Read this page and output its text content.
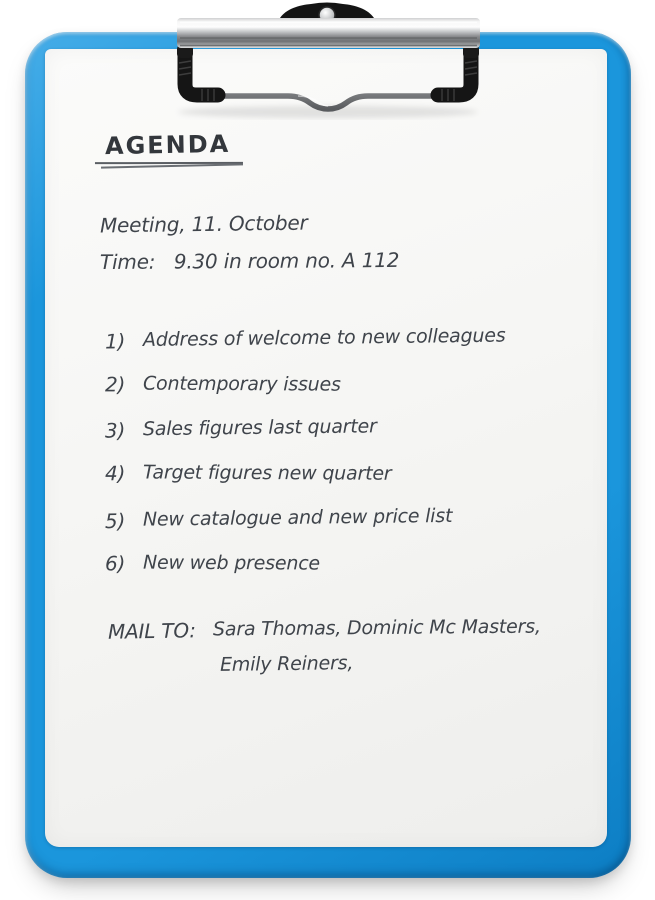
AGENDA
Meeting, 11. October
Time:   9.30 in room no. A 112
1) Address of welcome to new colleagues
2) Contemporary issues
3) Sales figures last quarter
4) Target figures new quarter
5) New catalogue and new price list
6) New web presence
MAIL TO: Sara Thomas, Dominic Mc Masters,
Emily Reiners,
